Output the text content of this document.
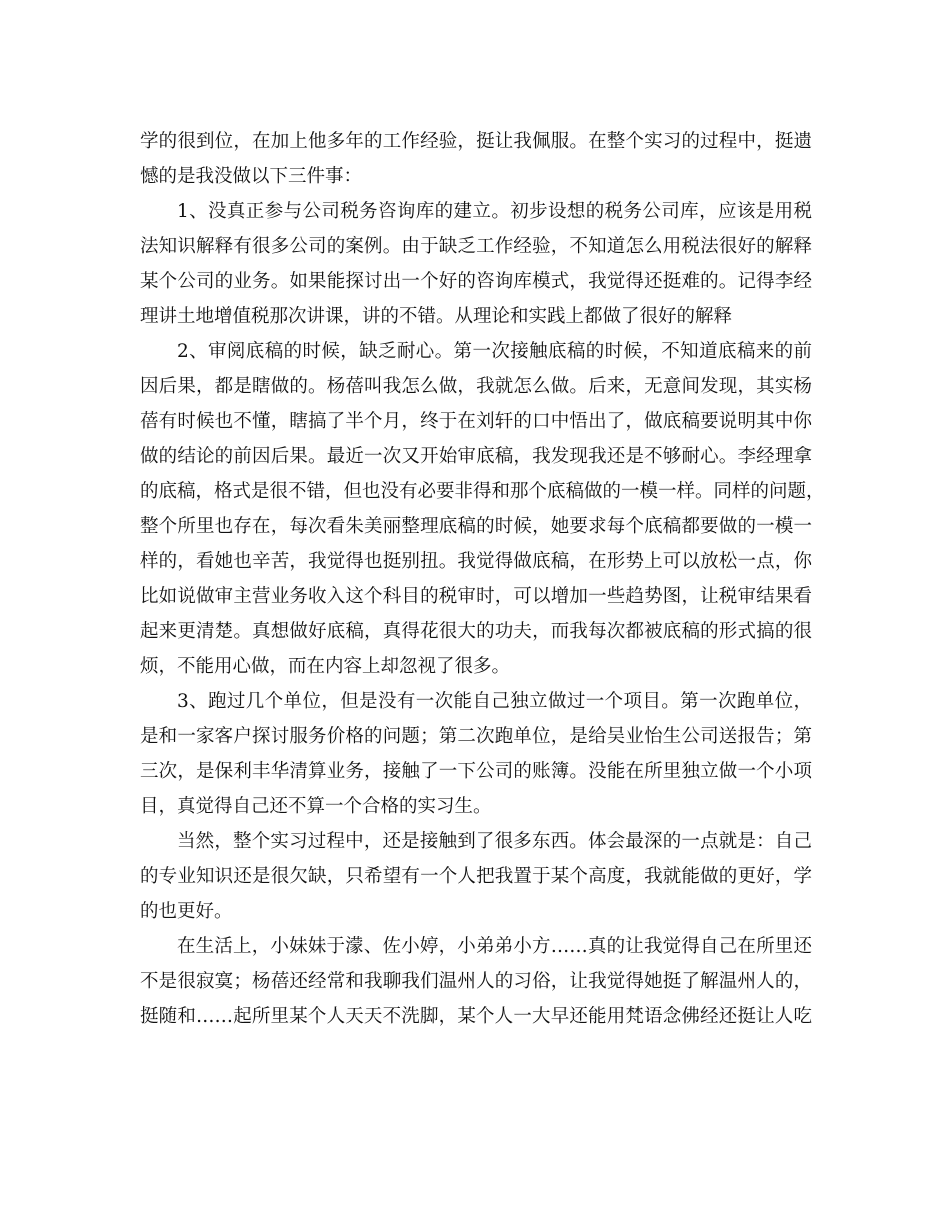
学的很到位，在加上他多年的工作经验，挺让我佩服。在整个实习的过程中，挺遗
憾的是我没做以下三件事：
1、没真正参与公司税务咨询库的建立。初步设想的税务公司库，应该是用税
法知识解释有很多公司的案例。由于缺乏工作经验，不知道怎么用税法很好的解释
某个公司的业务。如果能探讨出一个好的咨询库模式，我觉得还挺难的。记得李经
理讲土地增值税那次讲课，讲的不错。从理论和实践上都做了很好的解释
2、审阅底稿的时候，缺乏耐心。第一次接触底稿的时候，不知道底稿来的前
因后果，都是瞎做的。杨蓓叫我怎么做，我就怎么做。后来，无意间发现，其实杨
蓓有时候也不懂，瞎搞了半个月，终于在刘轩的口中悟出了，做底稿要说明其中你
做的结论的前因后果。最近一次又开始审底稿，我发现我还是不够耐心。李经理拿
的底稿，格式是很不错，但也没有必要非得和那个底稿做的一模一样。同样的问题，
整个所里也存在，每次看朱美丽整理底稿的时候，她要求每个底稿都要做的一模一
样的，看她也辛苦，我觉得也挺别扭。我觉得做底稿，在形势上可以放松一点，你
比如说做审主营业务收入这个科目的税审时，可以增加一些趋势图，让税审结果看
起来更清楚。真想做好底稿，真得花很大的功夫，而我每次都被底稿的形式搞的很
烦，不能用心做，而在内容上却忽视了很多。
3、跑过几个单位，但是没有一次能自己独立做过一个项目。第一次跑单位，
是和一家客户探讨服务价格的问题；第二次跑单位，是给吴业怡生公司送报告；第
三次，是保利丰华清算业务，接触了一下公司的账簿。没能在所里独立做一个小项
目，真觉得自己还不算一个合格的实习生。
当然，整个实习过程中，还是接触到了很多东西。体会最深的一点就是：自己
的专业知识还是很欠缺，只希望有一个人把我置于某个高度，我就能做的更好，学
的也更好。
在生活上，小妹妹于濛、佐小婷，小弟弟小方……真的让我觉得自己在所里还
不是很寂寞；杨蓓还经常和我聊我们温州人的习俗，让我觉得她挺了解温州人的，
挺随和……起所里某个人天天不洗脚，某个人一大早还能用梵语念佛经还挺让人吃
